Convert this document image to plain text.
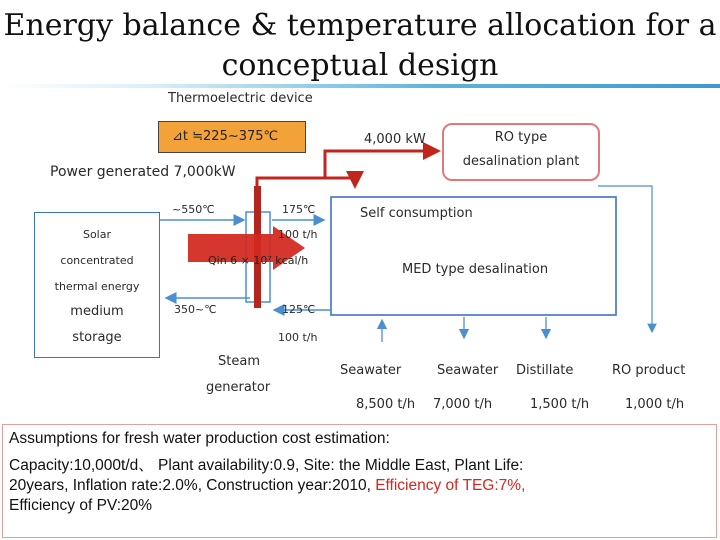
Energy balance & temperature allocation for a conceptual design
Thermoelectric device
⊿t ≒225~375℃
Power generated 7,000kW
4,000 kW	RO type
desalination plant
Solar
concentrated
thermal energy
medium
storage
~550℃
350~℃
175℃
100 t/h
125℃
100 t/h
Qin 6 × 10⁷ kcal/h
Self consumption
MED type desalination
Steam
generator
Seawater
8,500 t/h
Seawater
7,000 t/h
Distillate
1,500 t/h
RO product
1,000 t/h

Assumptions for fresh water production cost estimation:

Capacity:10,000t/d、 Plant availability:0.9, Site: the Middle East, Plant Life:

20years, Inflation rate:2.0%, Construction year:2010, Efficiency of TEG:7%,

Efficiency of PV:20%
